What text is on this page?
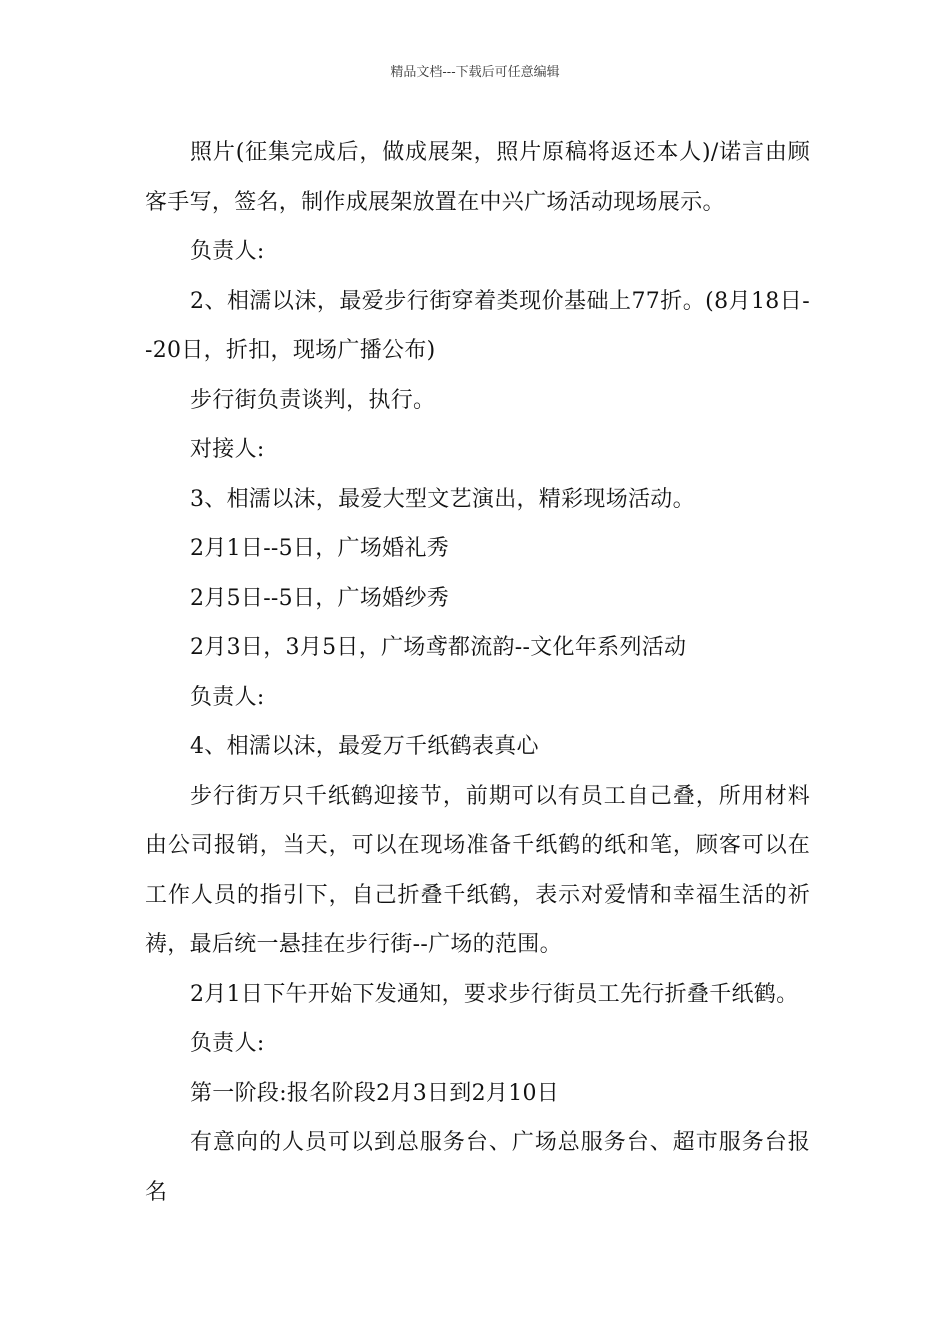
精品文档---下载后可任意编辑

照片(征集完成后，做成展架，照片原稿将返还本人)/诺言由顾客手写，签名，制作成展架放置在中兴广场活动现场展示。

负责人:

2、相濡以沫，最爱步行街穿着类现价基础上77折。(8月18日--20日，折扣，现场广播公布)

步行街负责谈判，执行。

对接人:

3、相濡以沫，最爱大型文艺演出，精彩现场活动。

2月1日--5日，广场婚礼秀

2月5日--5日，广场婚纱秀

2月3日，3月5日，广场鸢都流韵--文化年系列活动

负责人:

4、相濡以沫，最爱万千纸鹤表真心

步行街万只千纸鹤迎接节，前期可以有员工自己叠，所用材料由公司报销，当天，可以在现场准备千纸鹤的纸和笔，顾客可以在工作人员的指引下，自己折叠千纸鹤，表示对爱情和幸福生活的祈祷，最后统一悬挂在步行街--广场的范围。

2月1日下午开始下发通知，要求步行街员工先行折叠千纸鹤。

负责人:

第一阶段:报名阶段2月3日到2月10日

有意向的人员可以到总服务台、广场总服务台、超市服务台报名
